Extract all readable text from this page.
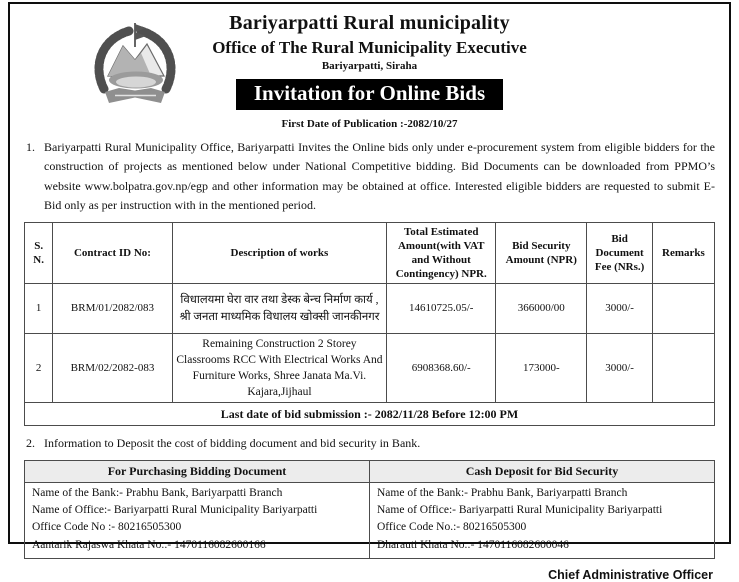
Bariyarpatti Rural municipality
Office of The Rural Municipality Executive
Bariyarpatti, Siraha
Invitation for Online Bids
First Date of Publication :-2082/10/27
1. Bariyarpatti Rural Municipality Office, Bariyarpatti Invites the Online bids only under e-procurement system from eligible bidders for the construction of projects as mentioned below under National Competitive bidding. Bid Documents can be downloaded from PPMO’s website www.bolpatra.gov.np/egp and other information may be obtained at office. Interested eligible bidders are requested to submit E-Bid only as per instruction with in the mentioned period.
S. N.	Contract ID No:	Description of works	Total Estimated Amount(with VAT and Without Contingency) NPR.	Bid Security Amount (NPR)	Bid Document Fee (NRs.)	Remarks
1	BRM/01/2082/083	विधालयमा घेरा वार तथा डेस्क बेन्च निर्माण कार्य , श्री जनता माध्यमिक विधालय खोक्सी जानकीनगर	14610725.05/-	366000/00	3000/-	
2	BRM/02/2082-083	Remaining Construction 2 Storey Classrooms RCC With Electrical Works And Furniture Works, Shree Janata Ma.Vi. Kajara,Jijhaul	6908368.60/-	173000-	3000/-	
Last date of bid submission :- 2082/11/28 Before 12:00 PM						
2. Information to Deposit the cost of bidding document and bid security in Bank.
For Purchasing Bidding Document	Cash Deposit for Bid Security

Name of the Bank:- Prabhu Bank, Bariyarpatti Branch
Name of Office:- Bariyarpatti Rural Municipality Bariyarpatti
Office Code No :- 80216505300
Aantarik Rajaswa Khata No.:- 1470116082600166

Name of the Bank:- Prabhu Bank, Bariyarpatti Branch
Name of Office:- Bariyarpatti Rural Municipality Bariyarpatti
Office Code No.:- 80216505300
Dharauti Khata No.:- 1470116082600046
Chief Administrative Officer
